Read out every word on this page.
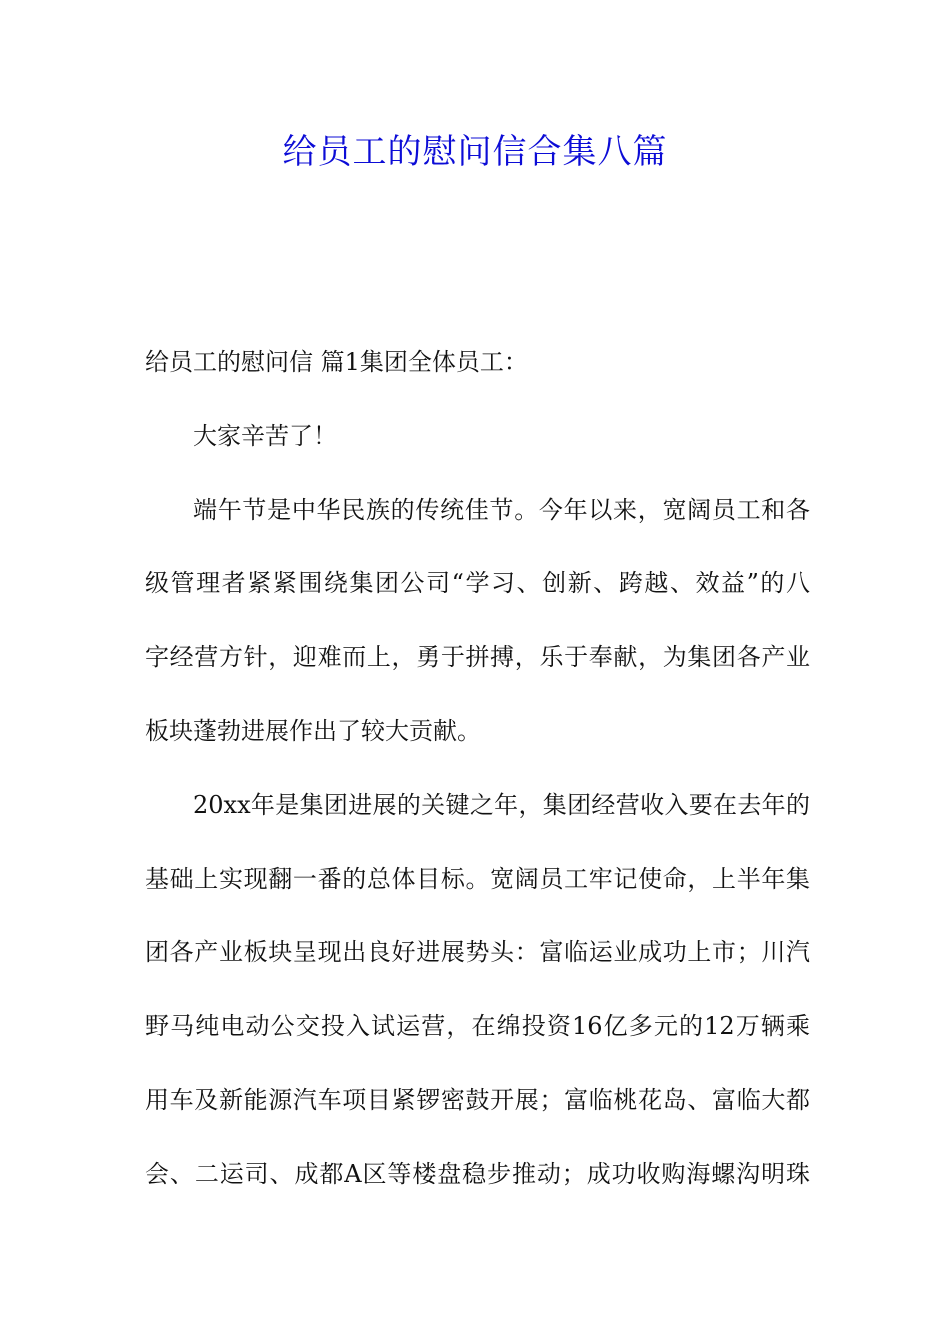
给员工的慰问信合集八篇
给员工的慰问信 篇1集团全体员工：
大家辛苦了！
端午节是中华民族的传统佳节。今年以来，宽阔员工和各
级管理者紧紧围绕集团公司“学习、创新、跨越、效益”的八
字经营方针，迎难而上，勇于拼搏，乐于奉献，为集团各产业
板块蓬勃进展作出了较大贡献。
20xx年是集团进展的关键之年，集团经营收入要在去年的
基础上实现翻一番的总体目标。宽阔员工牢记使命，上半年集
团各产业板块呈现出良好进展势头：富临运业成功上市；川汽
野马纯电动公交投入试运营，在绵投资16亿多元的12万辆乘
用车及新能源汽车项目紧锣密鼓开展；富临桃花岛、富临大都
会、二运司、成都A区等楼盘稳步推动；成功收购海螺沟明珠
